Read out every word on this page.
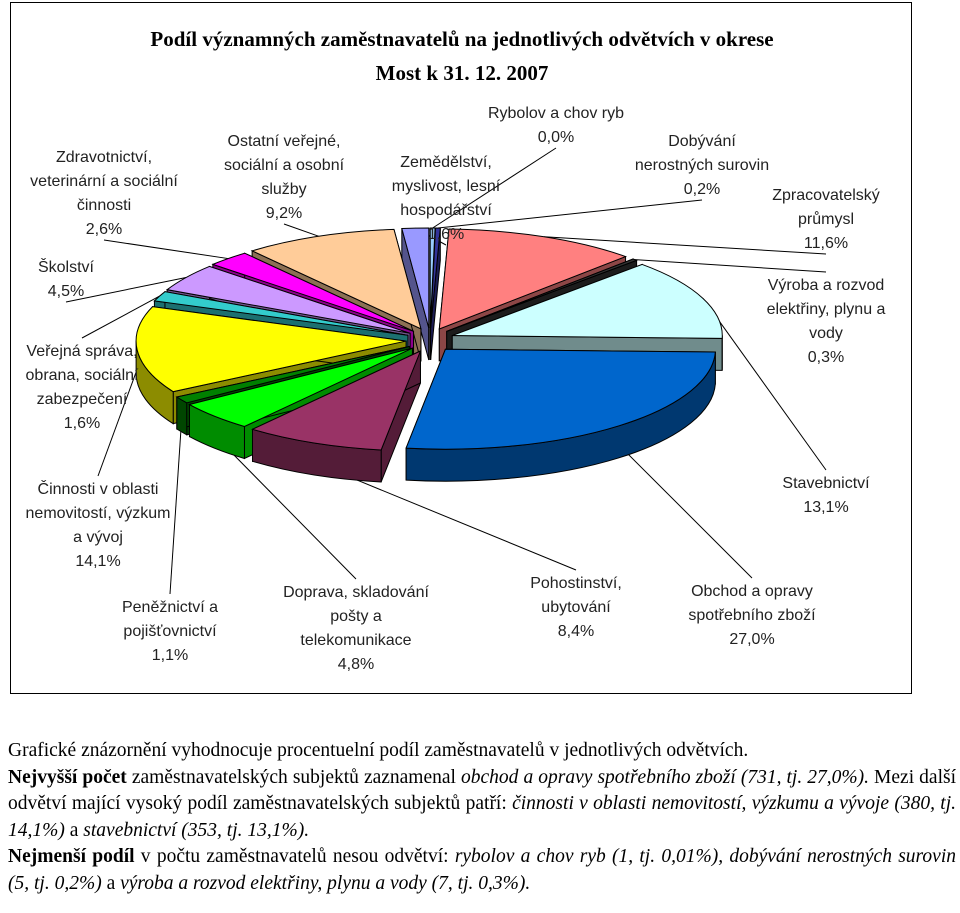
Podíl významných zaměstnavatelů na jednotlivých odvětvích v okrese
Most k 31. 12. 2007
Rybolov a chov ryb 0,0%	Dobývání nerostných surovin 0,2%	Zpracovatelský průmysl 11,6%
Výroba a rozvod elektřiny, plynu a vody 0,3%
Stavebnictví 13,1%
Obchod a opravy spotřebního zboží 27,0%
Pohostinství, ubytování 8,4%
Doprava, skladování pošty a telekomunikace 4,8%
Peněžnictví a pojišťovnictví 1,1%
Činnosti v oblasti nemovitostí, výzkum a vývoj 14,1%
Veřejná správa, obrana, sociální zabezpečení 1,6%
Školství 4,5%
Zdravotnictví, veterinární a sociální činnosti 2,6%
Ostatní veřejné, sociální a osobní služby 9,2%
Zemědělství, myslivost, lesní hospodářství 1,6%

Grafické znázornění vyhodnocuje procentuelní podíl zaměstnavatelů v jednotlivých odvětvích.

Nejvyšší počet zaměstnavatelských subjektů zaznamenal obchod a opravy spotřebního zboží (731, tj. 27,0%). Mezi další odvětví mající vysoký podíl zaměstnavatelských subjektů patří: činnosti v oblasti nemovitostí, výzkumu a vývoje (380, tj. 14,1%) a stavebnictví (353, tj. 13,1%).

Nejmenší podíl v počtu zaměstnavatelů nesou odvětví: rybolov a chov ryb (1, tj. 0,01%), dobývání nerostných surovin (5, tj. 0,2%) a výroba a rozvod elektřiny, plynu a vody (7, tj. 0,3%).
